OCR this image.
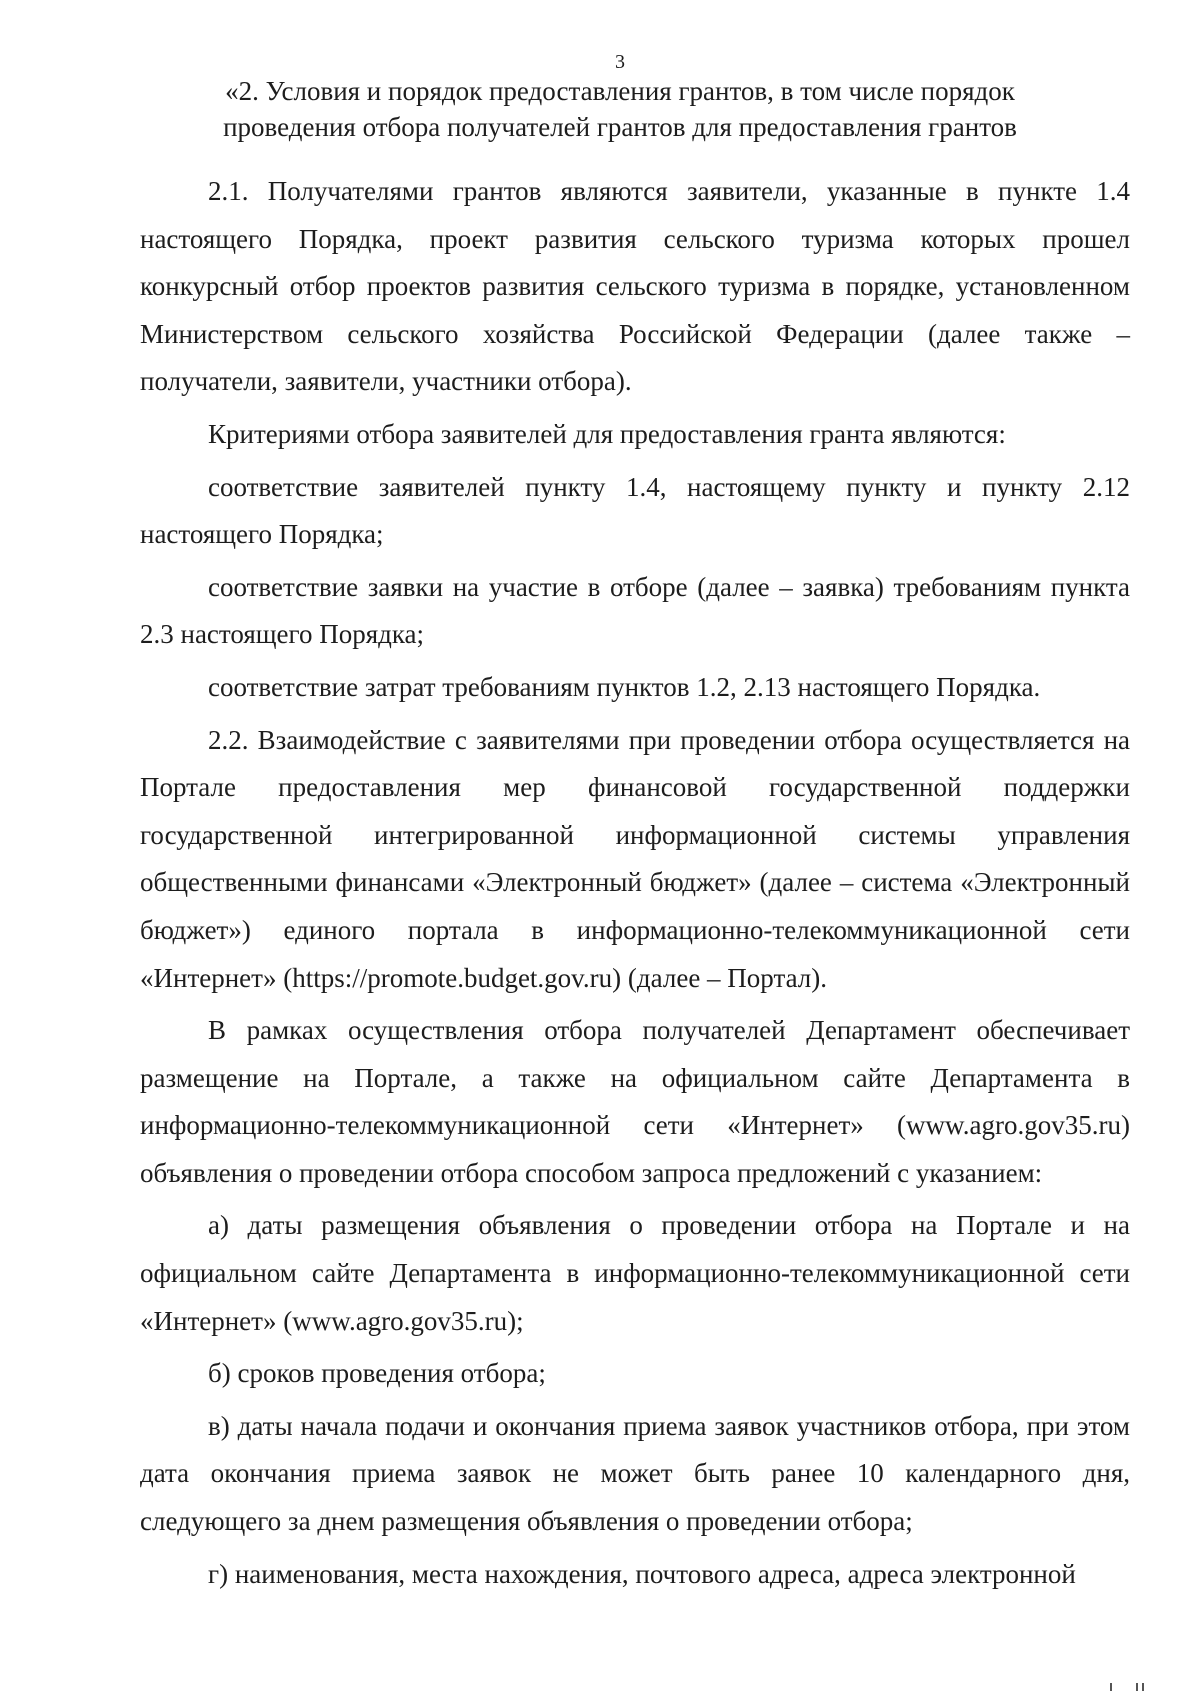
3
«2. Условия и порядок предоставления грантов, в том числе порядок
проведения отбора получателей грантов для предоставления грантов

2.1. Получателями грантов являются заявители, указанные в пункте 1.4 настоящего Порядка, проект развития сельского туризма которых прошел конкурсный отбор проектов развития сельского туризма в порядке, установленном Министерством сельского хозяйства Российской Федерации (далее также – получатели, заявители, участники отбора).

Критериями отбора заявителей для предоставления гранта являются:

соответствие заявителей пункту 1.4, настоящему пункту и пункту 2.12 настоящего Порядка;

соответствие заявки на участие в отборе (далее – заявка) требованиям пункта 2.3 настоящего Порядка;

соответствие затрат требованиям пунктов 1.2, 2.13 настоящего Порядка.

2.2. Взаимодействие с заявителями при проведении отбора осуществляется на Портале предоставления мер финансовой государственной поддержки государственной интегрированной информационной системы управления общественными финансами «Электронный бюджет» (далее – система «Электронный бюджет») единого портала в информационно-телекоммуникационной сети «Интернет» (https://promote.budget.gov.ru) (далее – Портал).

В рамках осуществления отбора получателей Департамент обеспечивает размещение на Портале, а также на официальном сайте Департамента в информационно-телекоммуникационной сети «Интернет» (www.agro.gov35.ru) объявления о проведении отбора способом запроса предложений с указанием:

а) даты размещения объявления о проведении отбора на Портале и на официальном сайте Департамента в информационно-телекоммуникационной сети «Интернет» (www.agro.gov35.ru);

б) сроков проведения отбора;

в) даты начала подачи и окончания приема заявок участников отбора, при этом дата окончания приема заявок не может быть ранее 10 календарного дня, следующего за днем размещения объявления о проведении отбора;

г) наименования, места нахождения, почтового адреса, адреса электронной
